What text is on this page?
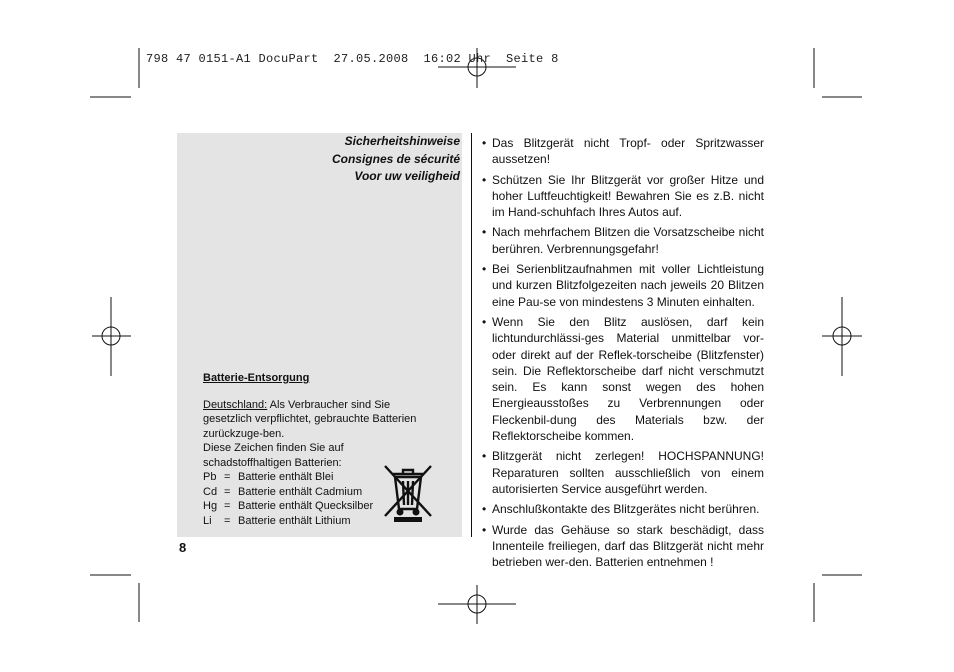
798 47 0151-A1 DocuPart  27.05.2008  16:02 Uhr  Seite 8
Sicherheitshinweise
Consignes de sécurité
Voor uw veiligheid
Batterie-Entsorgung
Deutschland: Als Verbraucher sind Sie gesetzlich verpflichtet, gebrauchte Batterien zurückzuge-ben.
Diese Zeichen finden Sie auf schadstoffhaltigen Batterien:
Pb = Batterie enthält Blei
Cd = Batterie enthält Cadmium
Hg = Batterie enthält Quecksilber
Li	= Batterie enthält Lithium
8
• Das Blitzgerät nicht Tropf- oder Spritzwasser aussetzen!
• Schützen Sie Ihr Blitzgerät vor großer Hitze und hoher Luftfeuchtigkeit! Bewahren Sie es z.B. nicht im Hand-schuhfach Ihres Autos auf.
• Nach mehrfachem Blitzen die Vorsatzscheibe nicht berühren. Verbrennungsgefahr!
• Bei Serienblitzaufnahmen mit voller Lichtleistung und kurzen Blitzfolgezeiten nach jeweils 20 Blitzen eine Pau-se von mindestens 3 Minuten einhalten.
• Wenn Sie den Blitz auslösen, darf kein lichtundurchlässi-ges Material unmittelbar vor- oder direkt auf der Reflek-torscheibe (Blitzfenster) sein. Die Reflektorscheibe darf nicht verschmutzt sein. Es kann sonst wegen des hohen Energieausstoßes zu Verbrennungen oder Fleckenbil-dung des Materials bzw. der Reflektorscheibe kommen.
• Blitzgerät nicht zerlegen! HOCHSPANNUNG! Reparaturen sollten ausschließlich von einem autorisierten Service ausgeführt werden.
• Anschlußkontakte des Blitzgerätes nicht berühren.
• Wurde das Gehäuse so stark beschädigt, dass Innenteile freiliegen, darf das Blitzgerät nicht mehr betrieben wer-den. Batterien entnehmen !
